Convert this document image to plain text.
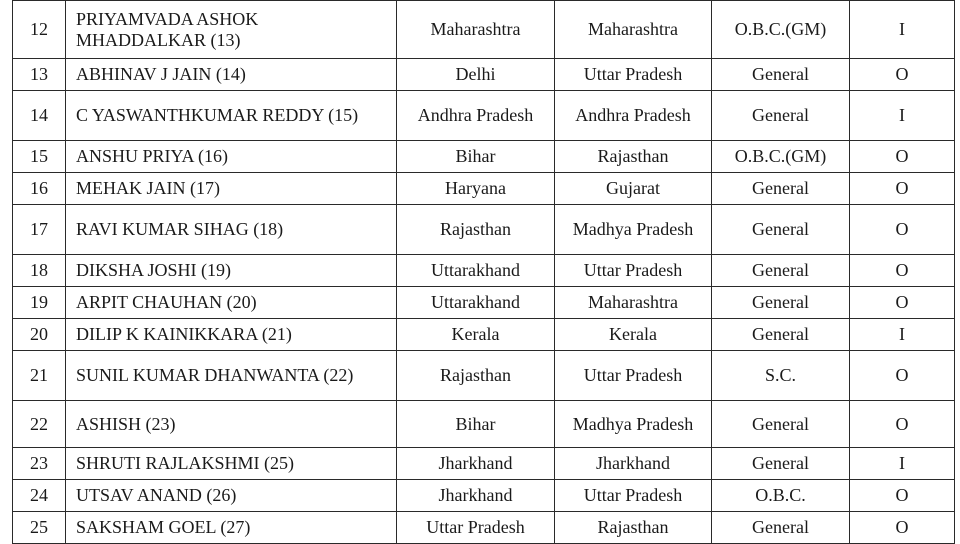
12	PRIYAMVADA ASHOK MHADDALKAR (13)	Maharashtra	Maharashtra	O.B.C.(GM)	I
13	ABHINAV J JAIN (14)	Delhi	Uttar Pradesh	General	O
14	C YASWANTHKUMAR REDDY (15)	Andhra Pradesh	Andhra Pradesh	General	I
15	ANSHU PRIYA (16)	Bihar	Rajasthan	O.B.C.(GM)	O
16	MEHAK JAIN (17)	Haryana	Gujarat	General	O
17	RAVI KUMAR SIHAG (18)	Rajasthan	Madhya Pradesh	General	O
18	DIKSHA JOSHI (19)	Uttarakhand	Uttar Pradesh	General	O
19	ARPIT CHAUHAN (20)	Uttarakhand	Maharashtra	General	O
20	DILIP K KAINIKKARA (21)	Kerala	Kerala	General	I
21	SUNIL KUMAR DHANWANTA (22)	Rajasthan	Uttar Pradesh	S.C.	O
22	ASHISH (23)	Bihar	Madhya Pradesh	General	O
23	SHRUTI RAJLAKSHMI (25)	Jharkhand	Jharkhand	General	I
24	UTSAV ANAND (26)	Jharkhand	Uttar Pradesh	O.B.C.	O
25	SAKSHAM GOEL (27)	Uttar Pradesh	Rajasthan	General	O
